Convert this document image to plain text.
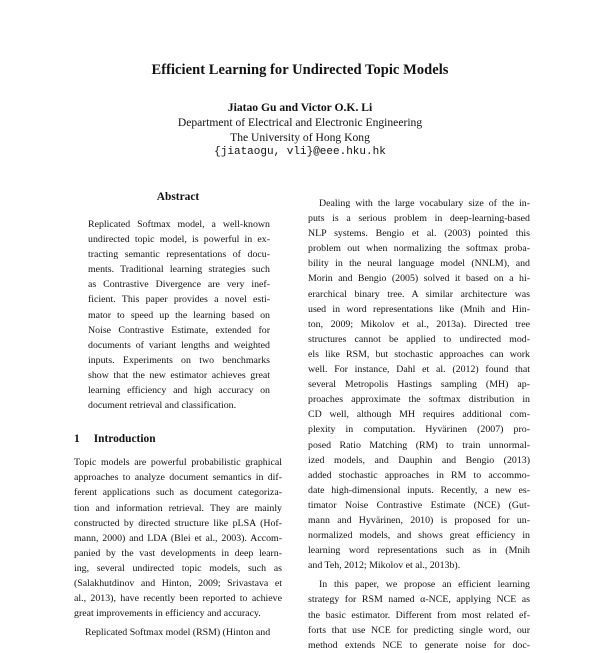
Efficient Learning for Undirected Topic Models
Jiatao Gu and Victor O.K. Li
Department of Electrical and Electronic Engineering
The University of Hong Kong
{jiataogu, vli}@eee.hku.hk
Abstract
Replicated Softmax model, a well-known
undirected topic model, is powerful in ex-
tracting semantic representations of docu-
ments. Traditional learning strategies such
as Contrastive Divergence are very inef-
ficient. This paper provides a novel esti-
mator to speed up the learning based on
Noise Contrastive Estimate, extended for
documents of variant lengths and weighted
inputs. Experiments on two benchmarks
show that the new estimator achieves great
learning efficiency and high accuracy on
document retrieval and classification.
1 Introduction
Topic models are powerful probabilistic graphical
approaches to analyze document semantics in dif-
ferent applications such as document categoriza-
tion and information retrieval. They are mainly
constructed by directed structure like pLSA (Hof-
mann, 2000) and LDA (Blei et al., 2003). Accom-
panied by the vast developments in deep learn-
ing, several undirected topic models, such as
(Salakhutdinov and Hinton, 2009; Srivastava et
al., 2013), have recently been reported to achieve
great improvements in efficiency and accuracy.
Replicated Softmax model (RSM) (Hinton and
Dealing with the large vocabulary size of the in-
puts is a serious problem in deep-learning-based
NLP systems. Bengio et al. (2003) pointed this
problem out when normalizing the softmax proba-
bility in the neural language model (NNLM), and
Morin and Bengio (2005) solved it based on a hi-
erarchical binary tree. A similar architecture was
used in word representations like (Mnih and Hin-
ton, 2009; Mikolov et al., 2013a). Directed tree
structures cannot be applied to undirected mod-
els like RSM, but stochastic approaches can work
well. For instance, Dahl et al. (2012) found that
several Metropolis Hastings sampling (MH) ap-
proaches approximate the softmax distribution in
CD well, although MH requires additional com-
plexity in computation. Hyvärinen (2007) pro-
posed Ratio Matching (RM) to train unnormal-
ized models, and Dauphin and Bengio (2013)
added stochastic approaches in RM to accommo-
date high-dimensional inputs. Recently, a new es-
timator Noise Contrastive Estimate (NCE) (Gut-
mann and Hyvärinen, 2010) is proposed for un-
normalized models, and shows great efficiency in
learning word representations such as in (Mnih
and Teh, 2012; Mikolov et al., 2013b).
In this paper, we propose an efficient learning
strategy for RSM named α-NCE, applying NCE as
the basic estimator. Different from most related ef-
forts that use NCE for predicting single word, our
method extends NCE to generate noise for doc-
